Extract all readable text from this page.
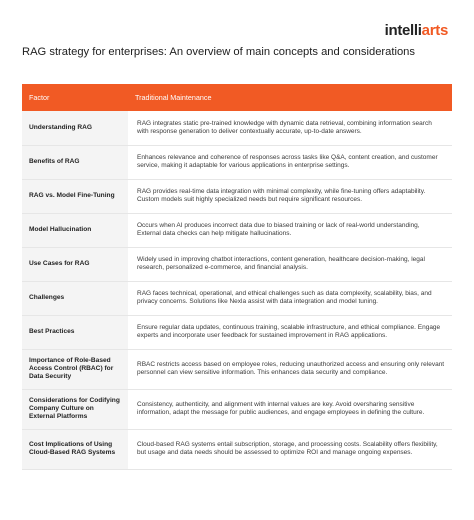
intelliarts
RAG strategy for enterprises: An overview of main concepts and considerations
Factor	Traditional Maintenance
Understanding RAG	RAG integrates static pre-trained knowledge with dynamic data retrieval, combining information search with response generation to deliver contextually accurate, up-to-date answers.
Benefits of RAG	Enhances relevance and coherence of responses across tasks like Q&A, content creation, and customer service, making it adaptable for various applications in enterprise settings.
RAG vs. Model Fine-Tuning	RAG provides real-time data integration with minimal complexity, while fine-tuning offers adaptability. Custom models suit highly specialized needs but require significant resources.
Model Hallucination	Occurs when AI produces incorrect data due to biased training or lack of real-world understanding, External data checks can help mitigate hallucinations.
Use Cases for RAG	Widely used in improving chatbot interactions, content generation, healthcare decision-making, legal research, personalized e-commerce, and financial analysis.
Challenges	RAG faces technical, operational, and ethical challenges such as data complexity, scalability, bias, and privacy concerns. Solutions like Nexla assist with data integration and model tuning.
Best Practices	Ensure regular data updates, continuous training, scalable infrastructure, and ethical compliance. Engage experts and incorporate user feedback for sustained improvement in RAG applications.
Importance of Role-Based Access Control (RBAC) for Data Security	RBAC restricts access based on employee roles, reducing unauthorized access and ensuring only relevant personnel can view sensitive information. This enhances data security and compliance.
Considerations for Codifying Company Culture on External Platforms	Consistency, authenticity, and alignment with internal values are key. Avoid oversharing sensitive information, adapt the message for public audiences, and engage employees in defining the culture.
Cost Implications of Using Cloud-Based RAG Systems	Cloud-based RAG systems entail subscription, storage, and processing costs. Scalability offers flexibility, but usage and data needs should be assessed to optimize ROI and manage ongoing expenses.
